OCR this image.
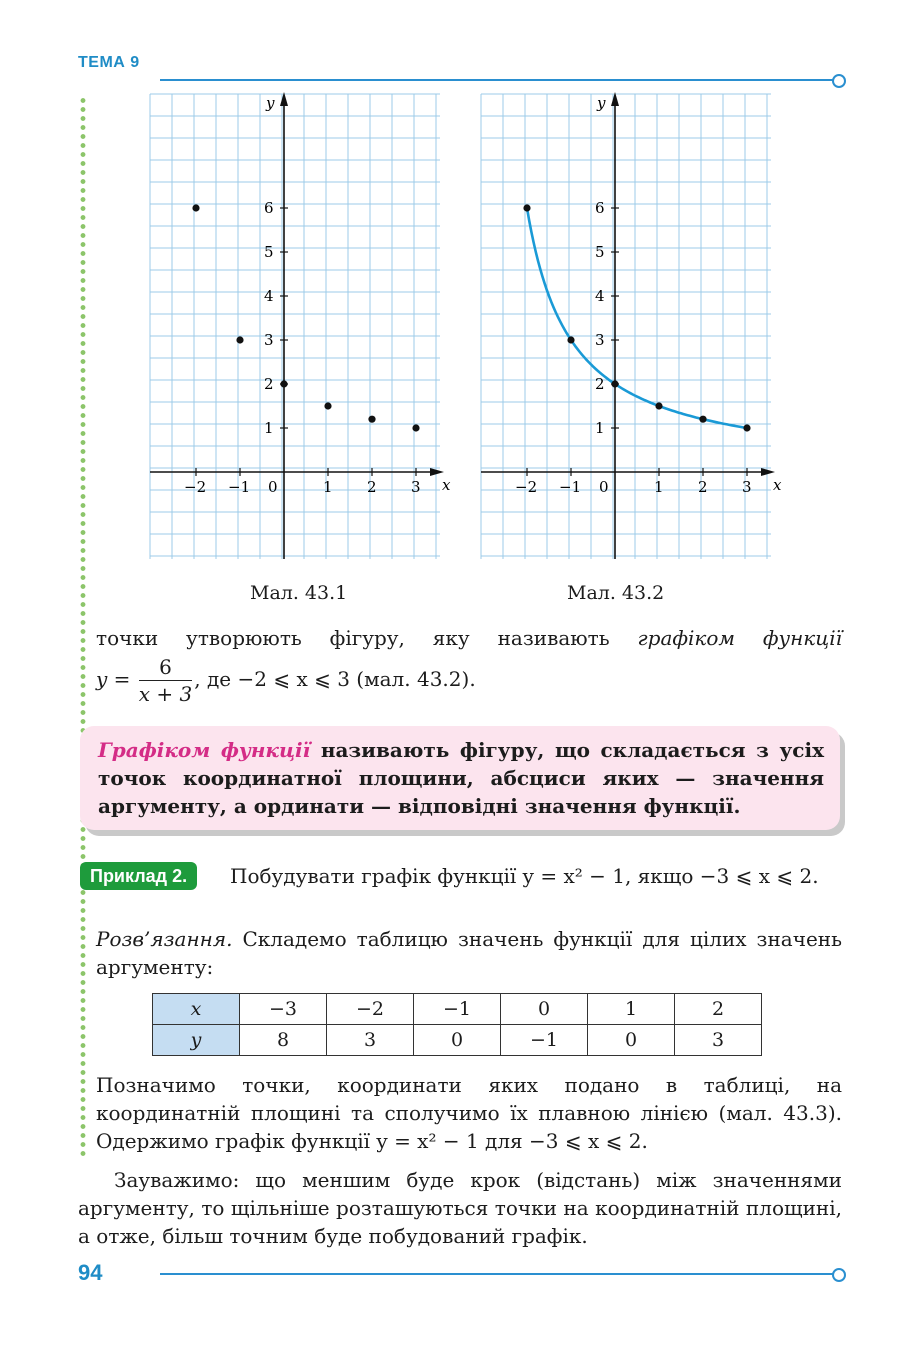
ТЕМА 9
x
y
−2 −1 0	1 2 3
1
2
3
4
5
6
x
y
−2 −1 0	1 2 3
1
2
3
4
5
6
Мал. 43.1	Мал. 43.2
точки утворюють фігуру, яку називають графіком функції
$y = \frac{6}{x + 3}$ , де −2 ⩽ x ⩽ 3 (мал. 43.2).
Графіком функції називають фігуру, що складається з усіх точок координатної площини, абсциси яких — значення аргументу, а ординати — відповідні значення функції.
Приклад 2.	Побудувати графік функції y = x² − 1, якщо −3 ⩽ x ⩽ 2.
Розв’язання. Складемо таблицю значень функції для цілих значень аргументу:
x	−3	−2	−1	0	1	2
y	8	3	0	−1	0	3
Позначимо точки, координати яких подано в таблиці, на координатній площині та сполучимо їх плавною лінією (мал. 43.3). Одержимо графік функції y = x² − 1 для −3 ⩽ x ⩽ 2.
Зауважимо: що меншим буде крок (відстань) між значеннями аргументу, то щільніше розташуються точки на координатній площині, а отже, більш точним буде побудований графік.
94
